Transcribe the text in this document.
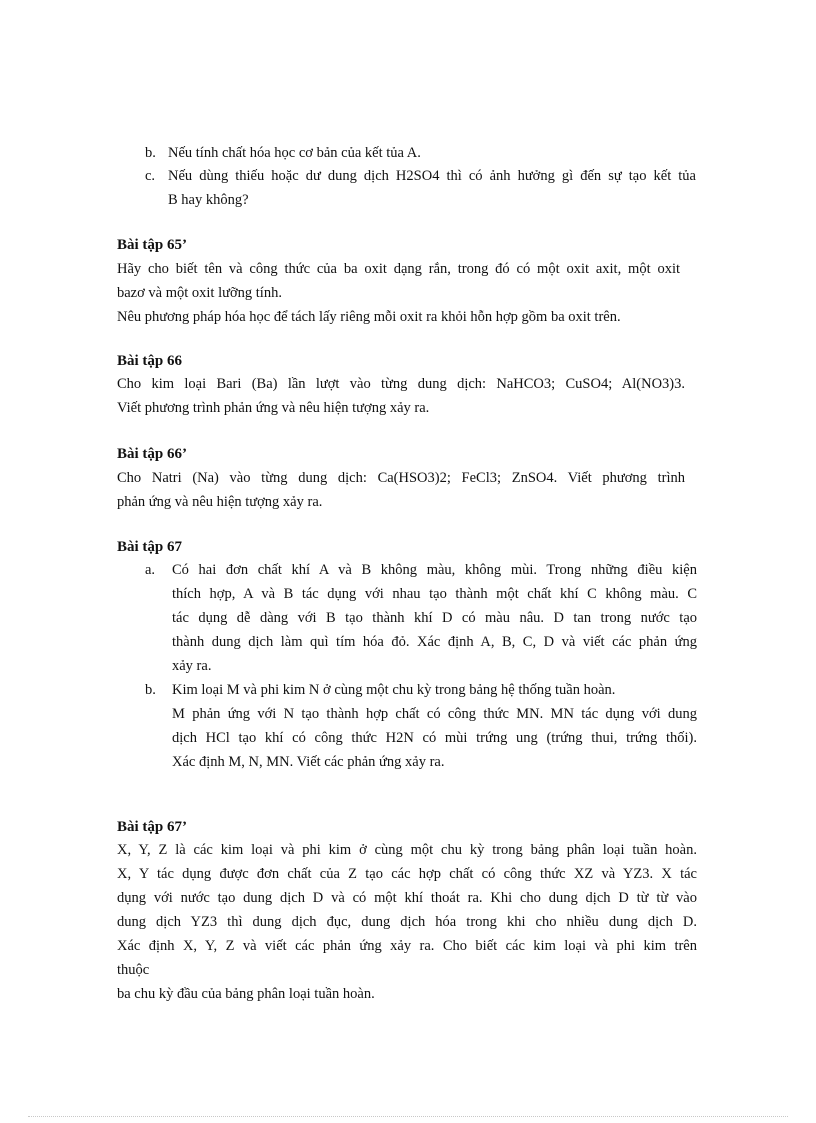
b. Nếu tính chất hóa học cơ bản của kết tủa A.
c. Nếu dùng thiếu hoặc dư dung dịch H2SO4 thì có ảnh hưởng gì đến sự tạo kết tủa
B hay không?
Bài tập 65’
Hãy cho biết tên và công thức của ba oxit dạng rắn, trong đó có một oxit axit, một oxit
bazơ và một oxit lưỡng tính.
Nêu phương pháp hóa học để tách lấy riêng mỗi oxit ra khỏi hỗn hợp gồm ba oxit trên.
Bài tập 66
Cho kim loại Bari (Ba) lần lượt vào từng dung dịch: NaHCO3; CuSO4; Al(NO3)3.
Viết phương trình phản ứng và nêu hiện tượng xảy ra.
Bài tập 66’
Cho Natri (Na) vào từng dung dịch: Ca(HSO3)2; FeCl3; ZnSO4. Viết phương trình
phản ứng và nêu hiện tượng xảy ra.
Bài tập 67
a. Có hai đơn chất khí A và B không màu, không mùi. Trong những điều kiện
thích hợp, A và B tác dụng với nhau tạo thành một chất khí C không màu. C
tác dụng dễ dàng với B tạo thành khí D có màu nâu. D tan trong nước tạo
thành dung dịch làm quì tím hóa đỏ. Xác định A, B, C, D và viết các phản ứng
xảy ra.
b. Kim loại M và phi kim N ở cùng một chu kỳ trong bảng hệ thống tuần hoàn.
M phản ứng với N tạo thành hợp chất có công thức MN. MN tác dụng với dung
dịch HCl tạo khí có công thức H2N có mùi trứng ung (trứng thui, trứng thối).
Xác định M, N, MN. Viết các phản ứng xảy ra.
Bài tập 67’
X, Y, Z là các kim loại và phi kim ở cùng một chu kỳ trong bảng phân loại tuần hoàn.
X, Y tác dụng được đơn chất của Z tạo các hợp chất có công thức XZ và YZ3. X tác
dụng với nước tạo dung dịch D và có một khí thoát ra. Khi cho dung dịch D từ từ vào
dung dịch YZ3 thì dung dịch đục, dung dịch hóa trong khi cho nhiều dung dịch D.
Xác định X, Y, Z và viết các phản ứng xảy ra. Cho biết các kim loại và phi kim trên
thuộc
ba chu kỳ đầu của bảng phân loại tuần hoàn.
